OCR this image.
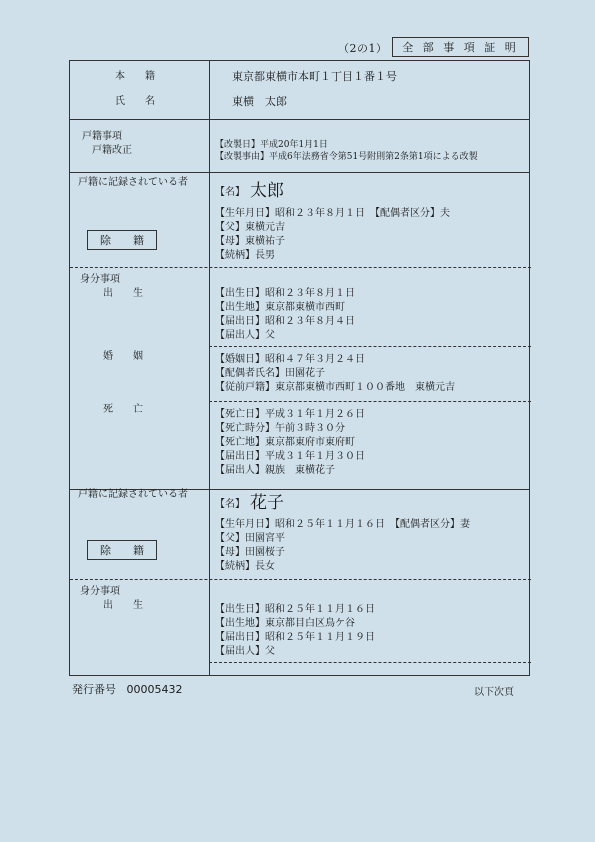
（2の1） 全 部 事 項 証 明
本　　籍	東京都東横市本町１丁目１番１号
氏　　名	東横　太郎
戸籍事項
戸籍改正	【改製日】平成20年1月1日
【改製事由】平成6年法務省令第51号附則第2条第1項による改製
戸籍に記録されている者
【名】 太郎
除 籍
【生年月日】昭和２３年８月１日　【配偶者区分】夫
【父】東横元吉
【母】東横祐子
【続柄】長男
身分事項
出　　生	【出生日】昭和２３年８月１日
【出生地】東京都東横市西町
【届出日】昭和２３年８月４日
【届出人】父
婚　　姻	【婚姻日】昭和４７年３月２４日
【配偶者氏名】田園花子
【従前戸籍】東京都東横市西町１００番地　東横元吉
死　　亡	【死亡日】平成３１年１月２６日
【死亡時分】午前３時３０分
【死亡地】東京都東府市東府町
【届出日】平成３１年１月３０日
【届出人】親族　東横花子
戸籍に記録されている者
【名】 花子
除 籍
【生年月日】昭和２５年１１月１６日　【配偶者区分】妻
【父】田園宮平
【母】田園桜子
【続柄】長女
身分事項
出　　生	【出生日】昭和２５年１１月１６日
【出生地】東京都目白区鳥ケ谷
【届出日】昭和２５年１１月１９日
【届出人】父
発行番号 00005432	以下次頁
